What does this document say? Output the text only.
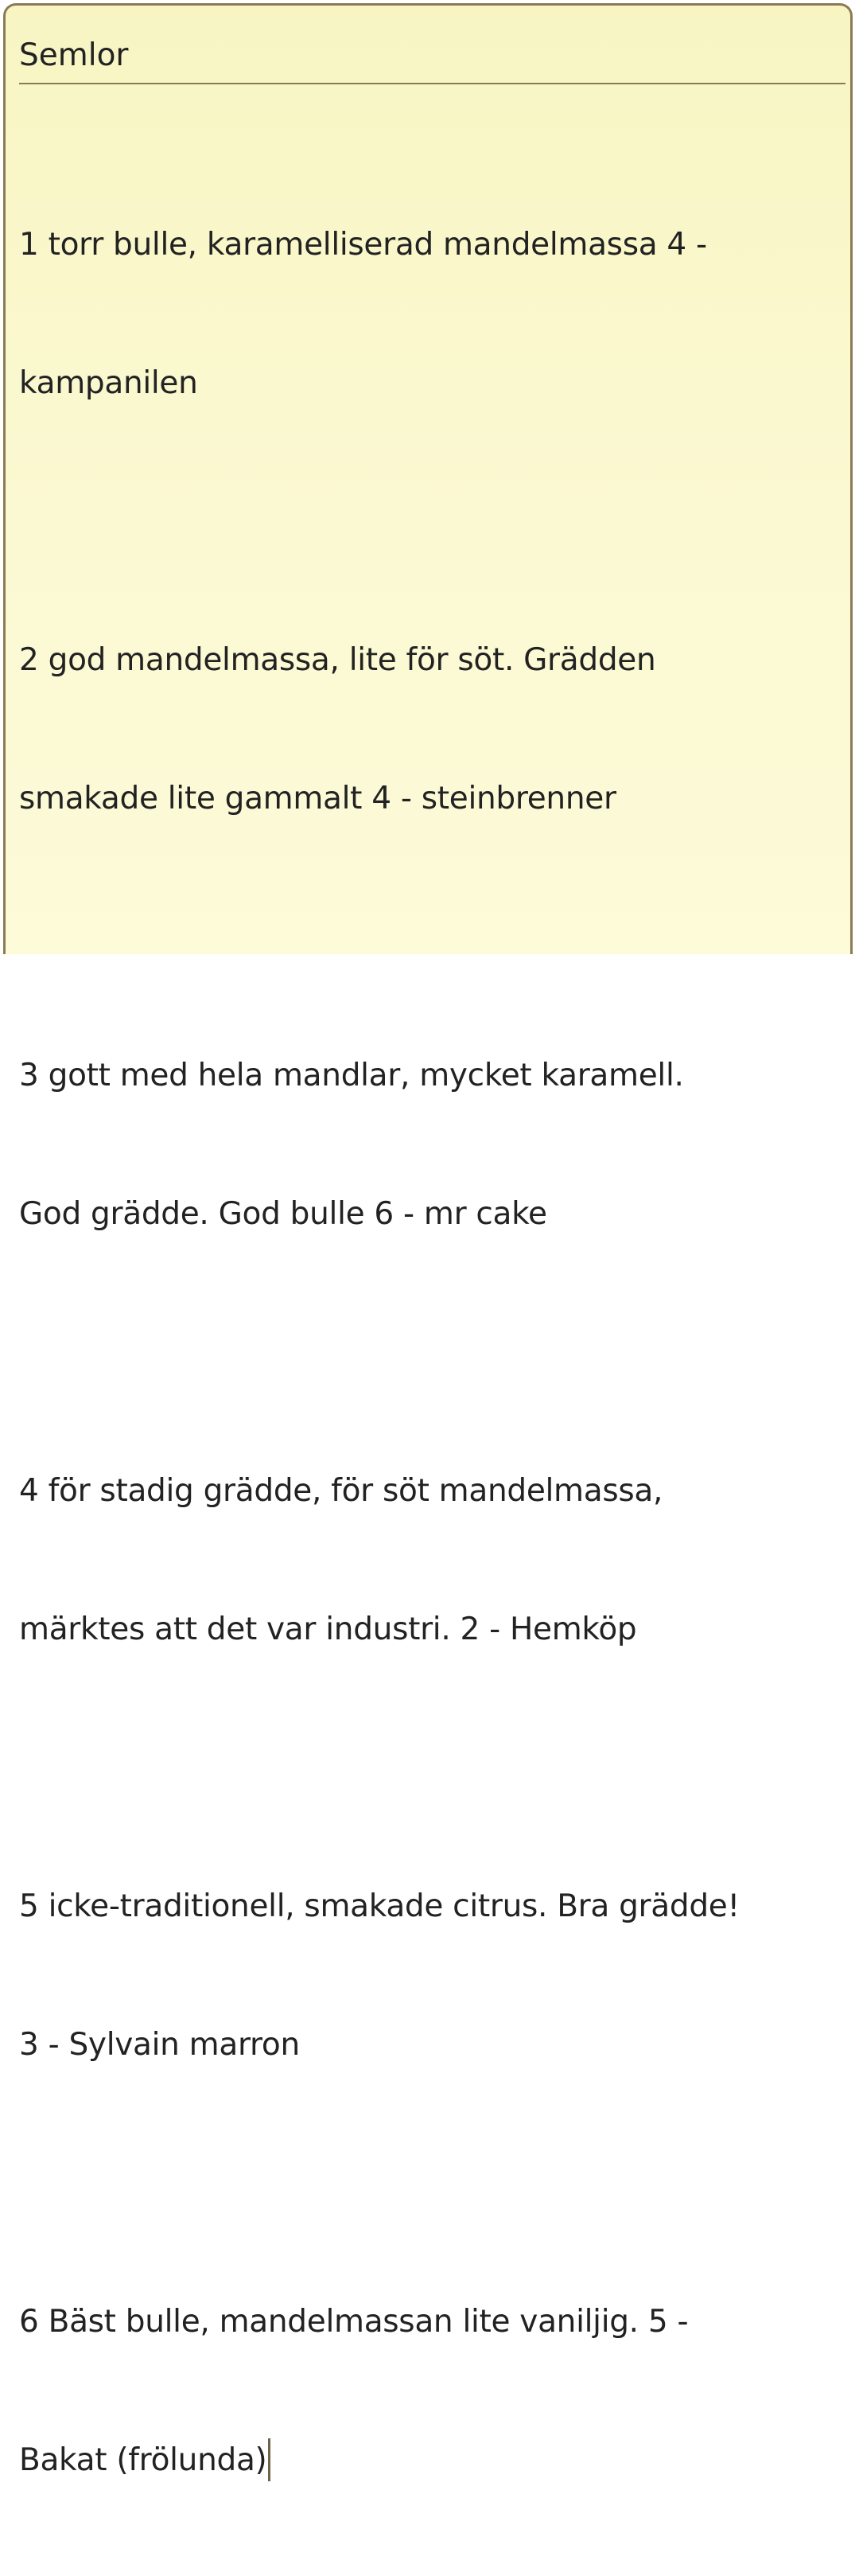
Semlor

1 torr bulle, karamelliserad mandelmassa 4 -

kampanilen

2 god mandelmassa, lite för söt. Grädden

smakade lite gammalt 4 - steinbrenner

3 gott med hela mandlar, mycket karamell.

God grädde. God bulle 6 - mr cake

4 för stadig grädde, för söt mandelmassa,

märktes att det var industri. 2 - Hemköp

5 icke-traditionell, smakade citrus. Bra grädde!

3 - Sylvain marron

6 Bäst bulle, mandelmassan lite vaniljig. 5 -

Bakat (frölunda)
